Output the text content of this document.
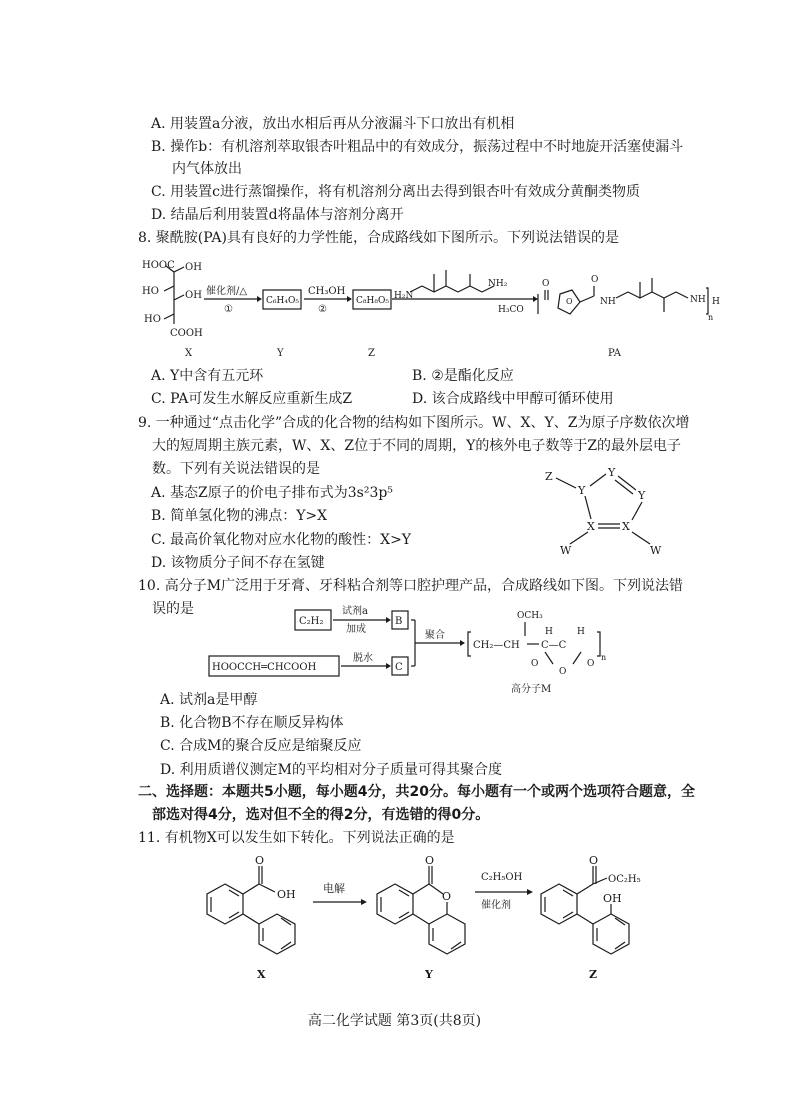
A. 用装置a分液，放出水相后再从分液漏斗下口放出有机相
B. 操作b：有机溶剂萃取银杏叶粗品中的有效成分，振荡过程中不时地旋开活塞使漏斗
内气体放出
C. 用装置c进行蒸馏操作，将有机溶剂分离出去得到银杏叶有效成分黄酮类物质
D. 结晶后利用装置d将晶体与溶剂分离开
8. 聚酰胺(PA)具有良好的力学性能，合成路线如下图所示。下列说法错误的是
HOOC OH
HO	OH
HO
COOH
X
催化剂/△
①
C₆H₄O₅
Y
CH₃OH
②
C₈H₈O₅
Z
H₂N
NH₂
H₃CO
O
O
O
NH	NH
n
H
PA
A. Y中含有五元环	B. ②是酯化反应
C. PA可发生水解反应重新生成Z	D. 该合成路线中甲醇可循环使用
9. 一种通过“点击化学”合成的化合物的结构如下图所示。W、X、Y、Z为原子序数依次增
大的短周期主族元素，W、X、Z位于不同的周期，Y的核外电子数等于Z的最外层电子
数。下列有关说法错误的是
A. 基态Z原子的价电子排布式为3s²3p⁵
B. 简单氢化物的沸点：Y>X
C. 最高价氧化物对应水化物的酸性：X>Y
D. 该物质分子间不存在氢键
Z
Y
Y
Y
X
X
W	W
10. 高分子M广泛用于牙膏、牙科粘合剂等口腔护理产品，合成路线如下图。下列说法错
误的是
C₂H₂
试剂a
加成
B
HOOCCH═CHCOOH
脱水
C
聚合
CH₂—CH
OCH₃
H	H
C—C
O
O	O
n
高分子M
A. 试剂a是甲醇
B. 化合物B不存在顺反异构体
C. 合成M的聚合反应是缩聚反应
D. 利用质谱仪测定M的平均相对分子质量可得其聚合度
二、选择题：本题共5小题，每小题4分，共20分。每小题有一个或两个选项符合题意，全
部选对得4分，选对但不全的得2分，有选错的得0分。
11. 有机物X可以发生如下转化。下列说法正确的是
O
OH
X
电解
O
O
Y
C₂H₅OH
催化剂
O
OC₂H₅
OH
Z
高二化学试题 第3页(共8页)
